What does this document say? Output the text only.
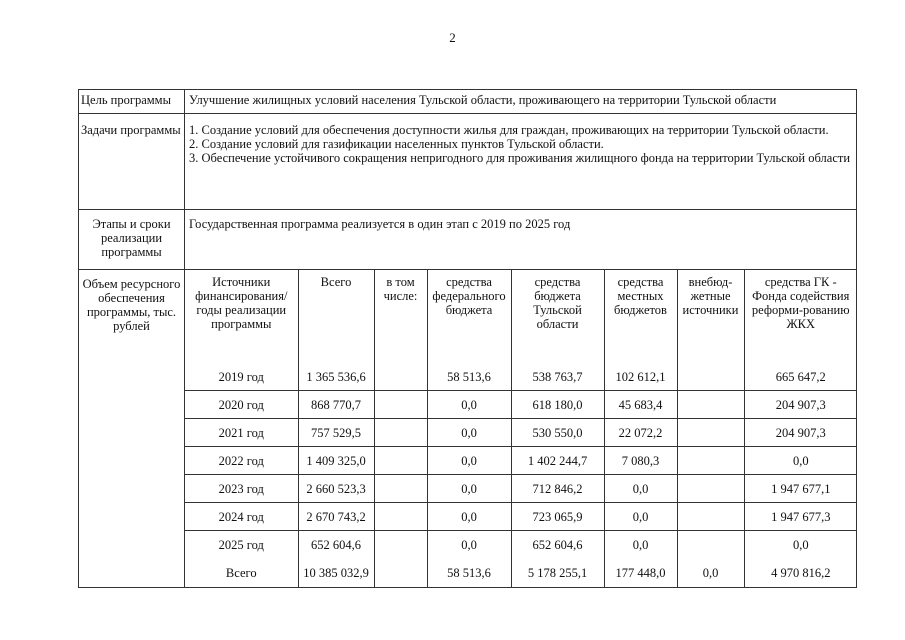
2
Цель программы	Улучшение жилищных условий населения Тульской области, проживающего на территории Тульской области
Задачи программы	1. Создание условий для обеспечения доступности жилья для граждан, проживающих на территории Тульской области.
2. Создание условий для газификации населенных пунктов Тульской области.
3. Обеспечение устойчивого сокращения непригодного для проживания жилищного фонда на территории Тульской области

Этапы и сроки реализации программы	Государственная программа реализуется в один этап с 2019 по 2025 год
Объем ресурсного обеспечения программы, тыс. рублей	
Источники финансирования/ годы реализации программы	Всего	в том числе:	средства федерального бюджета	средства бюджета Тульской области	средства местных бюджетов	внебюд-жетные источники	средства ГК - Фонда содействия реформи-рованию ЖКХ
2019 год	1 365 536,6		58 513,6	538 763,7	102 612,1		665 647,2
2020 год	868 770,7		0,0	618 180,0	45 683,4		204 907,3
2021 год	757 529,5		0,0	530 550,0	22 072,2		204 907,3
2022 год	1 409 325,0		0,0	1 402 244,7	7 080,3		0,0
2023 год	2 660 523,3		0,0	712 846,2	0,0		1 947 677,1
2024 год	2 670 743,2		0,0	723 065,9	0,0		1 947 677,3
2025 год	652 604,6		0,0	652 604,6	0,0		0,0
Всего	10 385 032,9		58 513,6	5 178 255,1	177 448,0	0,0	4 970 816,2
